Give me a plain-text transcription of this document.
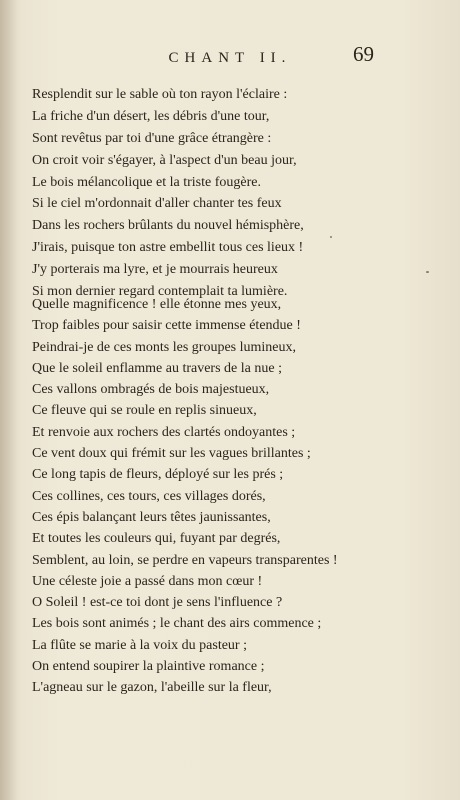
CHANT II.	69
Resplendit sur le sable où ton rayon l'éclaire :
La friche d'un désert, les débris d'une tour,
Sont revêtus par toi d'une grâce étrangère :
On croit voir s'égayer, à l'aspect d'un beau jour,
Le bois mélancolique et la triste fougère.
Si le ciel m'ordonnait d'aller chanter tes feux
Dans les rochers brûlants du nouvel hémisphère,
J'irais, puisque ton astre embellit tous ces lieux !
J'y porterais ma lyre, et je mourrais heureux
Si mon dernier regard contemplait ta lumière.
Quelle magnificence ! elle étonne mes yeux,
Trop faibles pour saisir cette immense étendue !
Peindrai-je de ces monts les groupes lumineux,
Que le soleil enflamme au travers de la nue ;
Ces vallons ombragés de bois majestueux,
Ce fleuve qui se roule en replis sinueux,
Et renvoie aux rochers des clartés ondoyantes ;
Ce vent doux qui frémit sur les vagues brillantes ;
Ce long tapis de fleurs, déployé sur les prés ;
Ces collines, ces tours, ces villages dorés,
Ces épis balançant leurs têtes jaunissantes,
Et toutes les couleurs qui, fuyant par degrés,
Semblent, au loin, se perdre en vapeurs transparentes !
Une céleste joie a passé dans mon cœur !
O Soleil ! est-ce toi dont je sens l'influence ?
Les bois sont animés ; le chant des airs commence ;
La flûte se marie à la voix du pasteur ;
On entend soupirer la plaintive romance ;
L'agneau sur le gazon, l'abeille sur la fleur,
